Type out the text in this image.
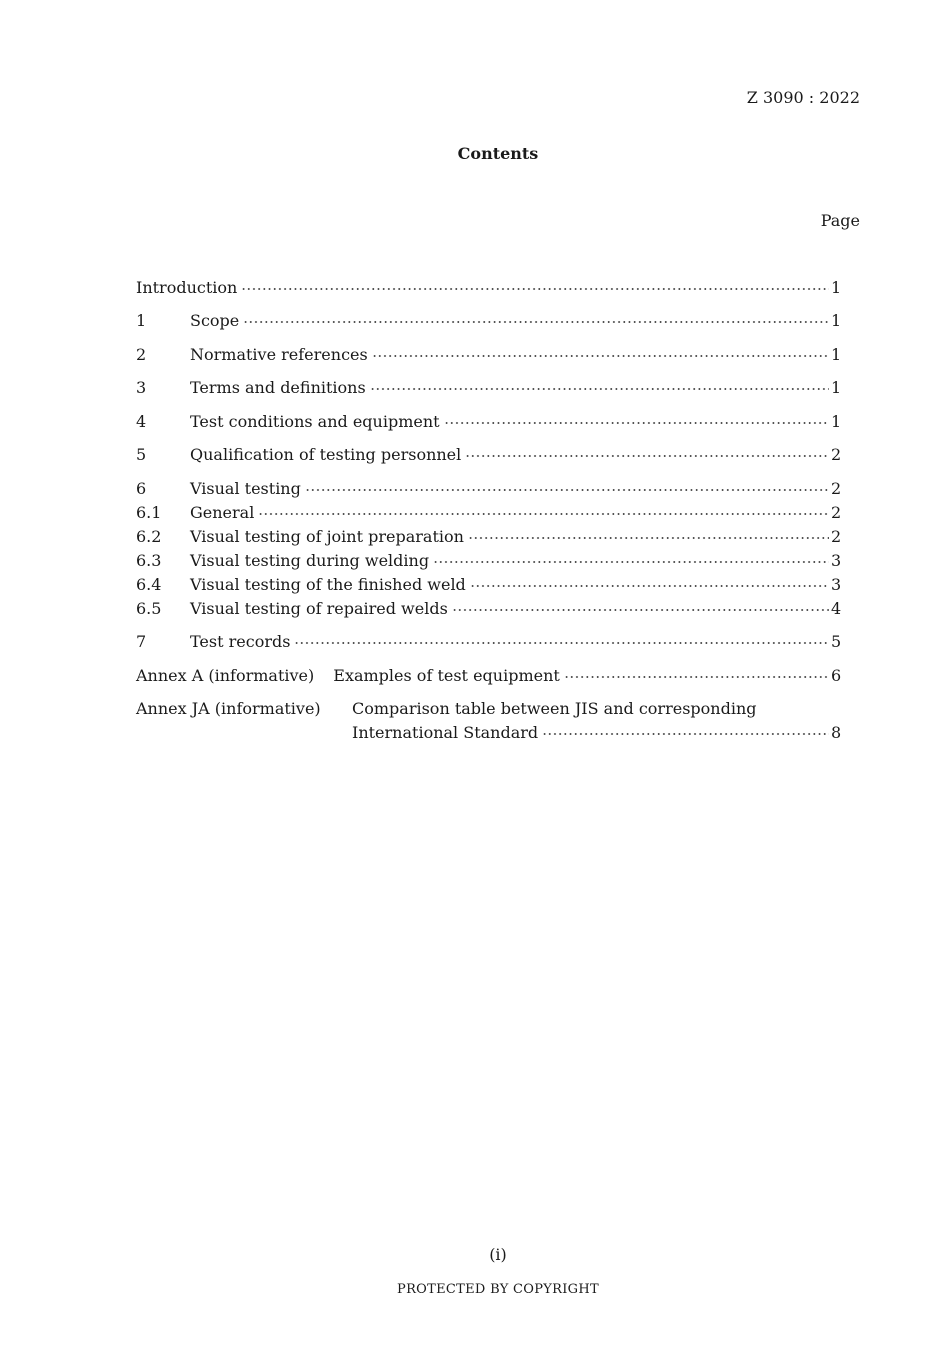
Z 3090 : 2022
Contents
Page
Introduction	1
1	Scope	1
2	Normative references	1
3	Terms and definitions	1
4	Test conditions and equipment	1
5	Qualification of testing personnel	2
6	Visual testing	2
6.1	General	2
6.2	Visual testing of joint preparation	2
6.3	Visual testing during welding	3
6.4	Visual testing of the finished weld	3
6.5	Visual testing of repaired welds	4
7	Test records	5
Annex A (informative) Examples of test equipment	6
Annex JA (informative)	Comparison table between JIS and corresponding
International Standard	8
(i)
PROTECTED BY COPYRIGHT
